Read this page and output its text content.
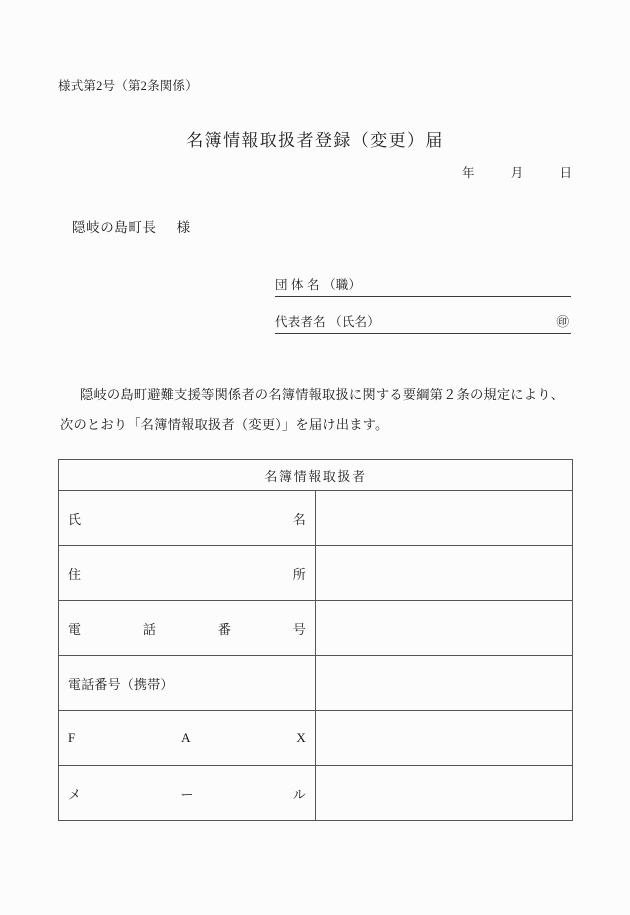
様式第2号（第2条関係）
名簿情報取扱者登録（変更）届
年	月	日
隠岐の島町長 様
団 体 名 （職）
代表者名 （氏名）	㊞
隠岐の島町避難支援等関係者の名簿情報取扱に関する要綱第２条の規定により、
次のとおり「名簿情報取扱者（変更）」を届け出ます。
名簿情報取扱者	

氏 名	

住 所	

電 話 番 号	

電話番号（携帯）	

F A X	

メ ー ル	
